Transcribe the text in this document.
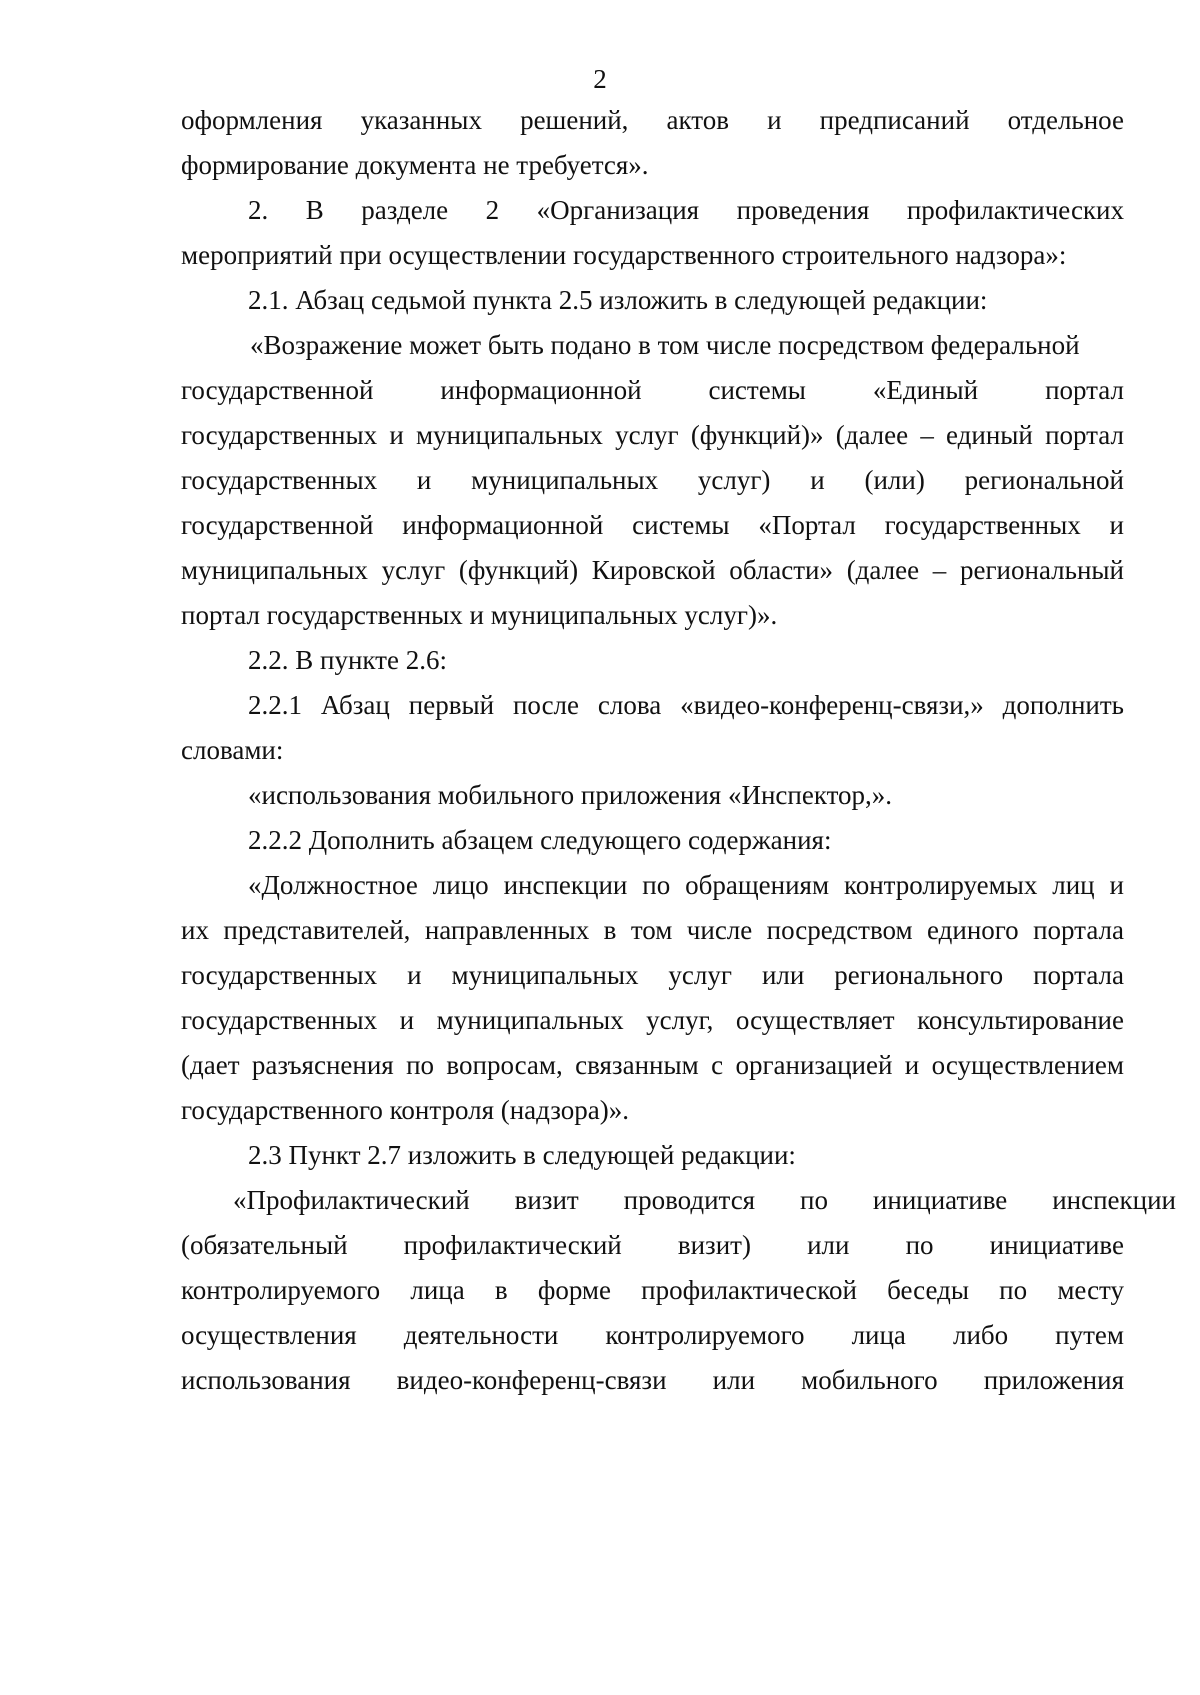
2
оформления указанных решений, актов и предписаний отдельное
формирование документа не требуется».
2. В разделе 2 «Организация проведения профилактических
мероприятий при осуществлении государственного строительного надзора»:
2.1. Абзац седьмой пункта 2.5 изложить в следующей редакции:
«Возражение может быть подано в том числе посредством федеральной
государственной информационной системы «Единый портал
государственных и муниципальных услуг (функций)» (далее – единый портал
государственных и муниципальных услуг) и (или) региональной
государственной информационной системы «Портал государственных и
муниципальных услуг (функций) Кировской области» (далее – региональный
портал государственных и муниципальных услуг)».
2.2. В пункте 2.6:
2.2.1 Абзац первый после слова «видео-конференц-связи,» дополнить
словами:
«использования мобильного приложения «Инспектор,».
2.2.2 Дополнить абзацем следующего содержания:
«Должностное лицо инспекции по обращениям контролируемых лиц и
их представителей, направленных в том числе посредством единого портала
государственных и муниципальных услуг или регионального портала
государственных и муниципальных услуг, осуществляет консультирование
(дает разъяснения по вопросам, связанным с организацией и осуществлением
государственного контроля (надзора)».
2.3 Пункт 2.7 изложить в следующей редакции:
«Профилактический визит проводится по инициативе инспекции
(обязательный профилактический визит) или по инициативе
контролируемого лица в форме профилактической беседы по месту
осуществления деятельности контролируемого лица либо путем
использования видео-конференц-связи или мобильного приложения
